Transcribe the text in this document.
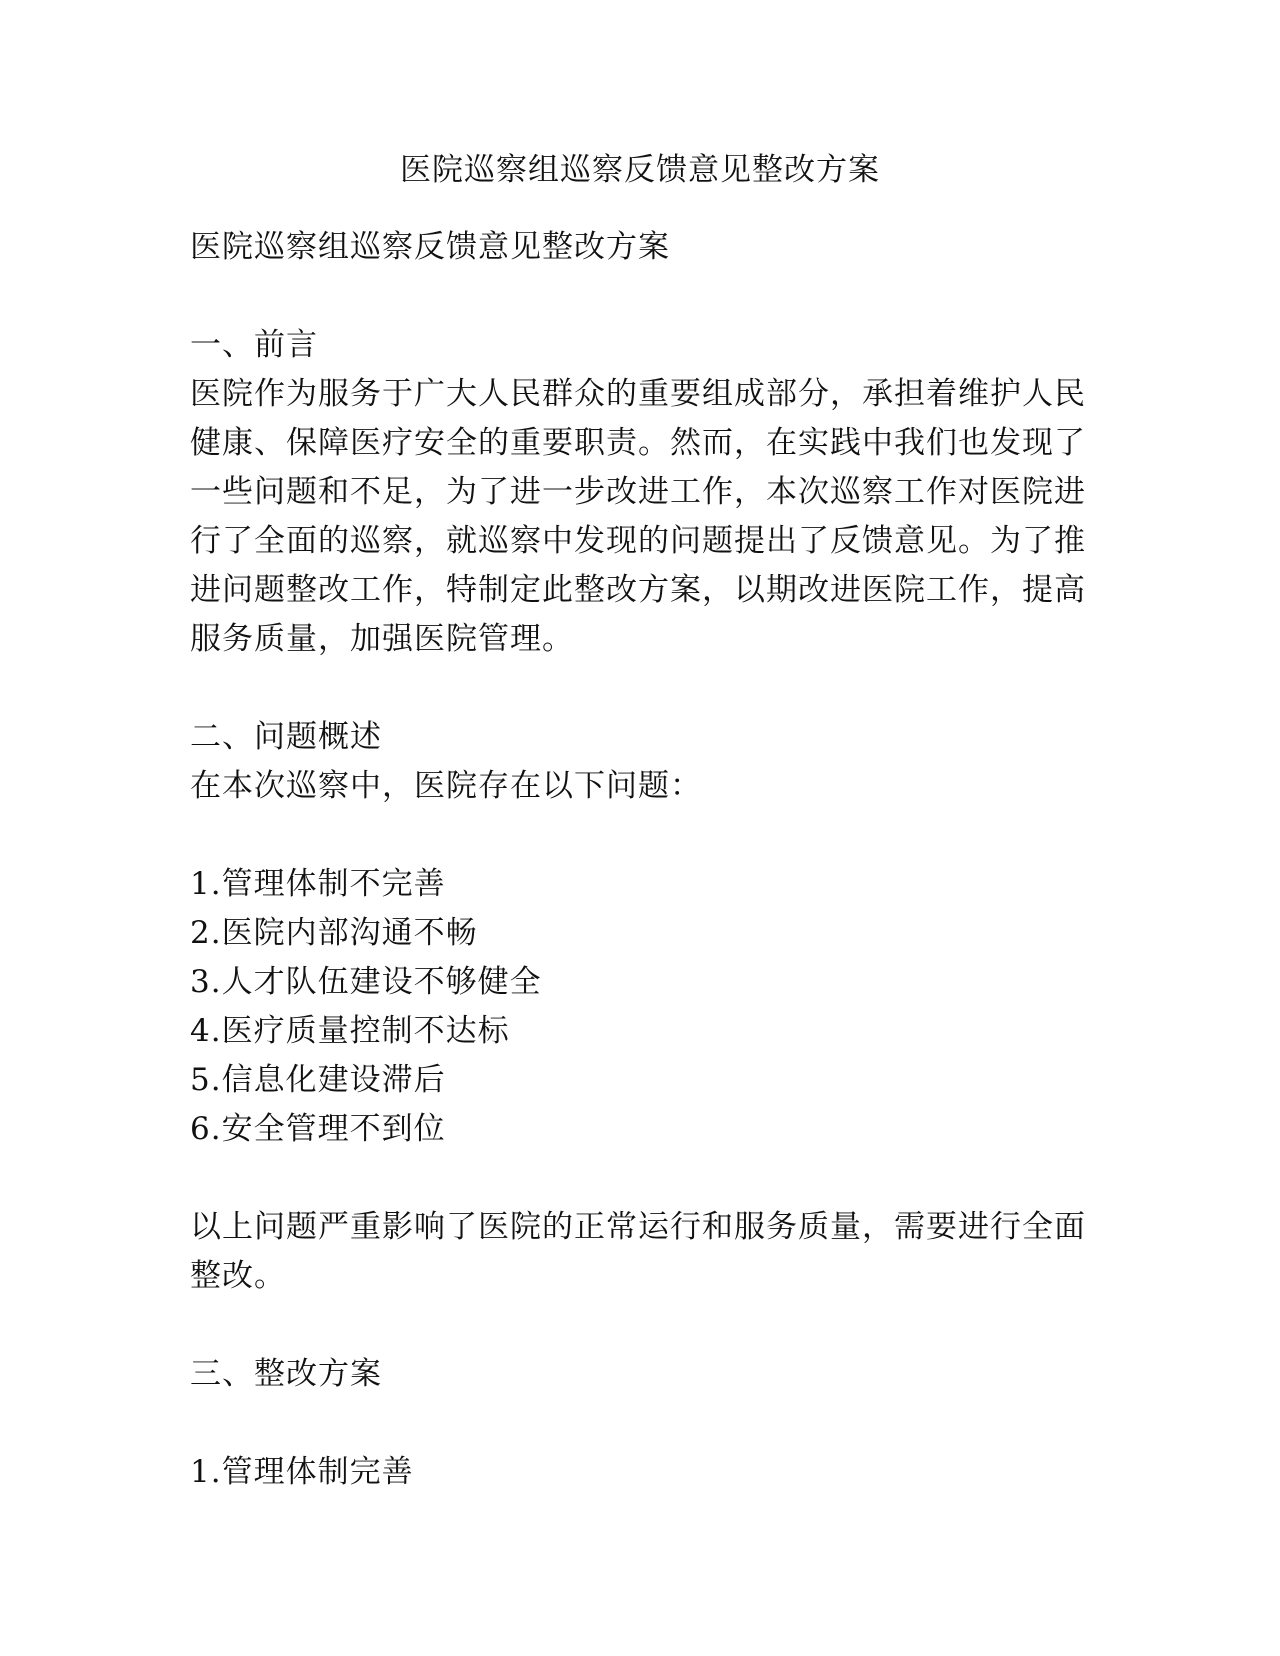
医院巡察组巡察反馈意见整改方案

医院巡察组巡察反馈意见整改方案

一、前言

医院作为服务于广大人民群众的重要组成部分，承担着维护人民健康、保障医疗安全的重要职责。然而，在实践中我们也发现了一些问题和不足，为了进一步改进工作，本次巡察工作对医院进行了全面的巡察，就巡察中发现的问题提出了反馈意见。为了推进问题整改工作，特制定此整改方案，以期改进医院工作，提高服务质量，加强医院管理。

二、问题概述

在本次巡察中，医院存在以下问题：

1.管理体制不完善

2.医院内部沟通不畅

3.人才队伍建设不够健全

4.医疗质量控制不达标

5.信息化建设滞后

6.安全管理不到位

以上问题严重影响了医院的正常运行和服务质量，需要进行全面整改。

三、整改方案

1.管理体制完善
